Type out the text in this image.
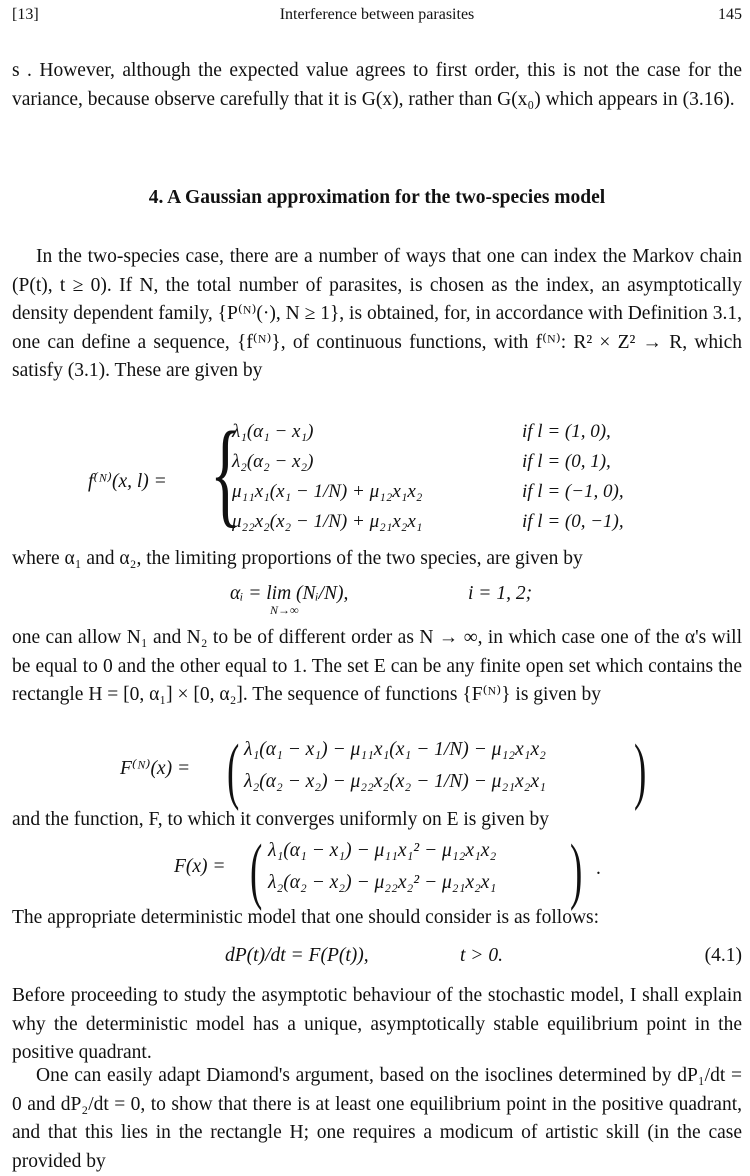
[13]	Interference between parasites	145

s . However, although the expected value agrees to first order, this is not the case for the variance, because observe carefully that it is G(x), rather than G(x₀) which appears in (3.16).

4. A Gaussian approximation for the two-species model

In the two-species case, there are a number of ways that one can index the Markov chain (P(t), t ≥ 0). If N, the total number of parasites, is chosen as the index, an asymptotically density dependent family, {P⁽ᴺ⁾(·), N ≥ 1}, is obtained, for, in accordance with Definition 3.1, one can define a sequence, {f⁽ᴺ⁾}, of continuous functions, with f⁽ᴺ⁾: R² × Z² → R, which satisfy (3.1). These are given by

f⁽ᴺ⁾(x, l) = {
λ₁(α₁ − x₁)	if l = (1, 0),
λ₂(α₂ − x₂)	if l = (0, 1),
μ₁₁x₁(x₁ − 1/N) + μ₁₂x₁x₂	if l = (−1, 0),
μ₂₂x₂(x₂ − 1/N) + μ₂₁x₂x₁	if l = (0, −1),

where α₁ and α₂, the limiting proportions of the two species, are given by

αᵢ = lim (Nᵢ/N),
N→∞
i = 1, 2;

one can allow N₁ and N₂ to be of different order as N → ∞, in which case one of the α's will be equal to 0 and the other equal to 1. The set E can be any finite open set which contains the rectangle H = [0, α₁] × [0, α₂]. The sequence of functions {F⁽ᴺ⁾} is given by

F⁽ᴺ⁾(x) = ( λ₁(α₁ − x₁) − μ₁₁x₁(x₁ − 1/N) − μ₁₂x₁x₂
λ₂(α₂ − x₂) − μ₂₂x₂(x₂ − 1/N) − μ₂₁x₂x₁ )

and the function, F, to which it converges uniformly on E is given by

F(x) = ( λ₁(α₁ − x₁) − μ₁₁x₁² − μ₁₂x₁x₂
λ₂(α₂ − x₂) − μ₂₂x₂² − μ₂₁x₂x₁ ) .

The appropriate deterministic model that one should consider is as follows:

dP(t)/dt = F(P(t)),	t > 0.	(4.1)

Before proceeding to study the asymptotic behaviour of the stochastic model, I shall explain why the deterministic model has a unique, asymptotically stable equilibrium point in the positive quadrant.

One can easily adapt Diamond's argument, based on the isoclines determined by dP₁/dt = 0 and dP₂/dt = 0, to show that there is at least one equilibrium point in the positive quadrant, and that this lies in the rectangle H; one requires a modicum of artistic skill (in the case provided by
